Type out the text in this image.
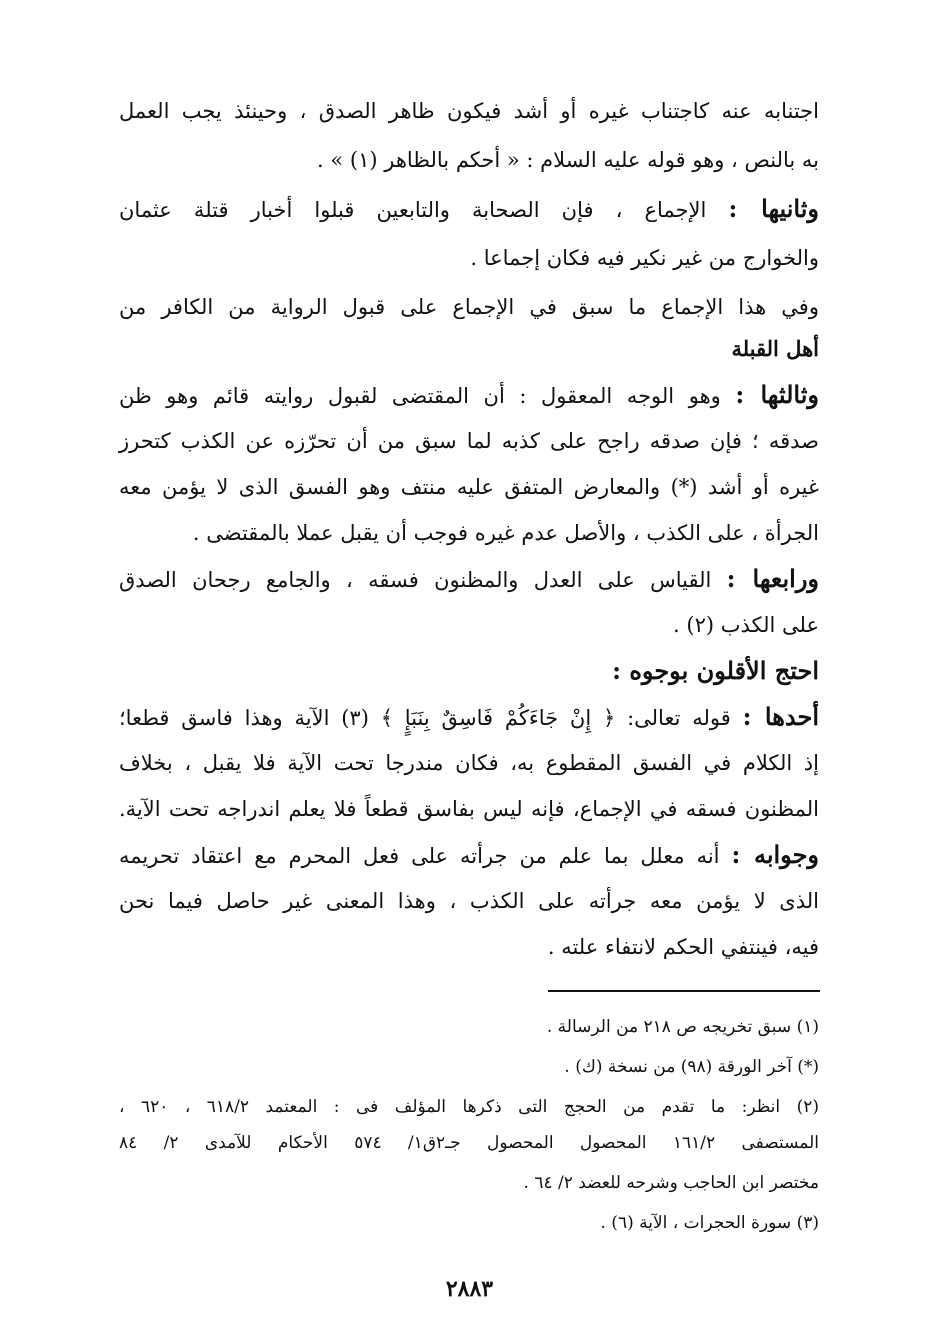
اجتنابه عنه كاجتناب غيره أو أشد فيكون ظاهر الصدق ، وحينئذ يجب العمل
به بالنص ، وهو قوله عليه السلام : « أحكم بالظاهر (١) » .
وثانيها : الإجماع ، فإن الصحابة والتابعين قبلوا أخبار قتلة عثمان
والخوارج من غير نكير فيه فكان إجماعا .
وفي هذا الإجماع ما سبق في الإجماع على قبول الرواية من الكافر من
أهل القبلة
وثالثها : وهو الوجه المعقول : أن المقتضى لقبول روايته قائم وهو ظن
صدقه ؛ فإن صدقه راجح على كذبه لما سبق من أن تحرّزه عن الكذب كتحرز
غيره أو أشد (*) والمعارض المتفق عليه منتف وهو الفسق الذى لا يؤمن معه
الجرأة ، على الكذب ، والأصل عدم غيره فوجب أن يقبل عملا بالمقتضى .
ورابعها : القياس على العدل والمظنون فسقه ، والجامع رجحان الصدق
على الكذب (٢) .
احتج الأقلون بوجوه :
أحدها : قوله تعالى: ﴿ إِنْ جَاءَكُمْ فَاسِقٌ بِنَبَإٍ ﴾ (٣) الآية وهذا فاسق قطعا؛
إذ الكلام في الفسق المقطوع به، فكان مندرجا تحت الآية فلا يقبل ، بخلاف
المظنون فسقه في الإجماع، فإنه ليس بفاسق قطعاً فلا يعلم اندراجه تحت الآية.
وجوابه : أنه معلل بما علم من جرأته على فعل المحرم مع اعتقاد تحريمه
الذى لا يؤمن معه جرأته على الكذب ، وهذا المعنى غير حاصل فيما نحن
فيه، فينتفي الحكم لانتفاء علته .
(١) سبق تخريجه ص ٢١٨ من الرسالة .
(*) آخر الورقة (٩٨) من نسخة (ك) .
(٢) انظر: ما تقدم من الحجج التى ذكرها المؤلف فى : المعتمد ٦١٨/٢ ، ٦٢٠ ،
المستصفى ١٦١/٢ المحصول المحصول جـ٢ق١/ ٥٧٤ الأحكام للآمدى ٢/ ٨٤
مختصر ابن الحاجب وشرحه للعضد ٢/ ٦٤ .
(٣) سورة الحجرات ، الآية (٦) .
٢٨٨٣
